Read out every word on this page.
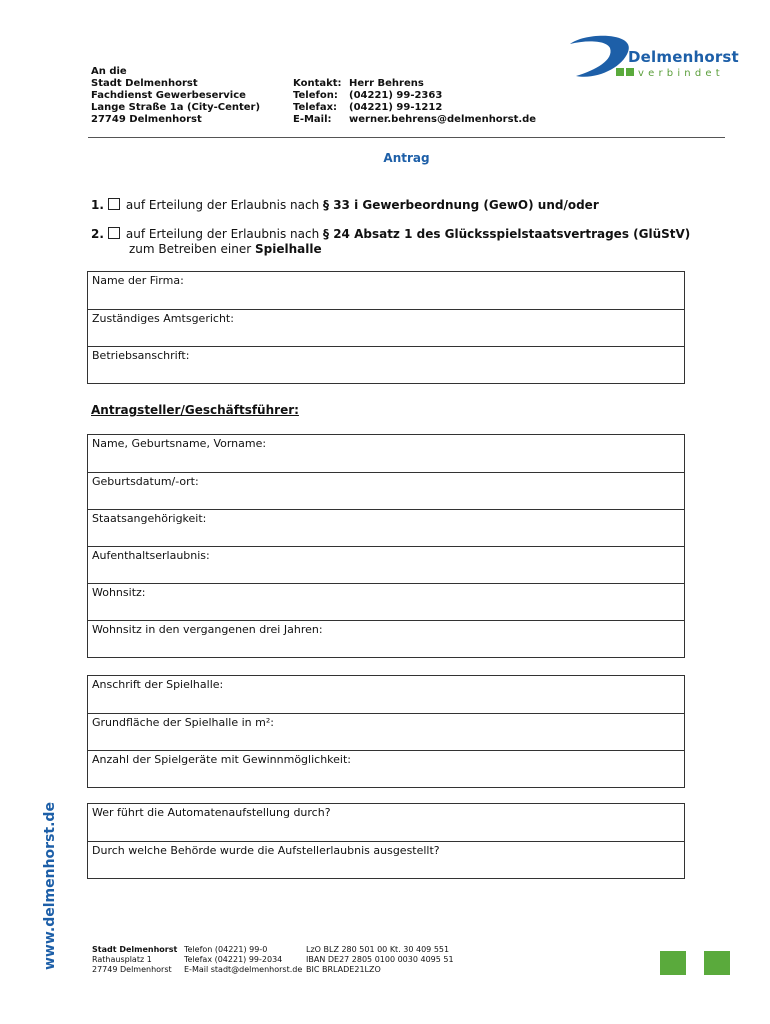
An die
Stadt Delmenhorst
Fachdienst Gewerbeservice
Lange Straße 1a (City-Center)
27749 Delmenhorst
Kontakt: Herr Behrens
Telefon:	(04221) 99-2363
Telefax:	(04221) 99-1212
E-Mail:	werner.behrens@delmenhorst.de
Delmenhorst
verbindet
Antrag
1. auf Erteilung der Erlaubnis nach § 33 i Gewerbeordnung (GewO) und/oder
2. auf Erteilung der Erlaubnis nach § 24 Absatz 1 des Glücksspielstaatsvertrages (GlüStV)
zum Betreiben einer Spielhalle
Name der Firma:
Zuständiges Amtsgericht:
Betriebsanschrift:
Antragsteller/Geschäftsführer:
Name, Geburtsname, Vorname:
Geburtsdatum/-ort:
Staatsangehörigkeit:
Aufenthaltserlaubnis:
Wohnsitz:
Wohnsitz in den vergangenen drei Jahren:
Anschrift der Spielhalle:
Grundfläche der Spielhalle in m²:
Anzahl der Spielgeräte mit Gewinnmöglichkeit:
Wer führt die Automatenaufstellung durch?
Durch welche Behörde wurde die Aufstellerlaubnis ausgestellt?
www.delmenhorst.de	Stadt Delmenhorst
Rathausplatz 1
27749 Delmenhorst
Telefon (04221) 99-0
Telefax (04221) 99-2034
E-Mail stadt@delmenhorst.de
LzO BLZ 280 501 00 Kt. 30 409 551
IBAN DE27 2805 0100 0030 4095 51
BIC BRLADE21LZO
